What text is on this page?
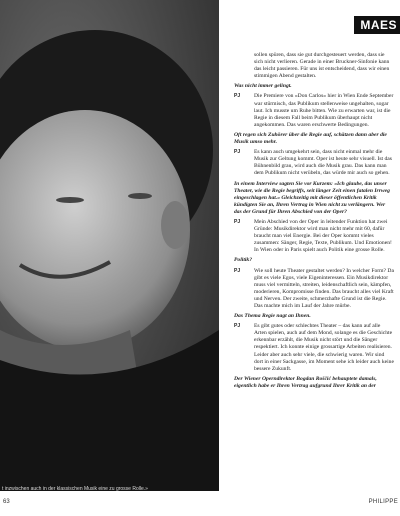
t inzwischen auch in der klassischen Musik eine zu grosse Rolle.»
63	PHILIPPE
MAES

sollen spüren, dass sie gut durchgesteuert werden, dass sie sich nicht verlieren. Gerade in einer Bruckner-Sinfonie kann das leicht passieren. Für uns ist entscheidend, dass wir einen stimmigen Abend gestalten.

Was nicht immer gelingt.

PJ Die Premiere von «Don Carlos» hier in Wien Ende September war stürmisch, das Publikum stellenweise ungehalten, sogar laut. Ich musste um Ruhe bitten. Wie zu erwarten war, ist die Regie in diesem Fall beim Publikum überhaupt nicht angekommen. Das waren erschwerte Bedingungen.

Oft regen sich Zuhörer über die Regie auf, schätzen dann aber die Musik umso mehr.

PJ Es kann auch umgekehrt sein, dass nicht einmal mehr die Musik zur Geltung kommt. Oper ist heute sehr visuell. Ist das Bühnenbild grau, wird auch die Musik grau. Das kann man dem Publikum nicht verübeln, das würde mir auch so gehen.

In einem Interview sagten Sie vor Kurzem: «Ich glaube, das unser Theater, wie die Regie begriffs, seit länger Zeit einen fatalen Irrweg eingeschlagen hat.» Gleichzeitig mit dieser öffentlichen Kritik kündigten Sie an, Ihren Vertrag in Wien nicht zu verlängern. Wer das der Grund für Ihren Abschied von der Oper?

PJ Mein Abschied von der Oper in leitender Funktion hat zwei Gründe: Musikdirektor wird man nicht mehr mit 60, dafür braucht man viel Energie. Bei der Oper kommt vieles zusammen: Sänger, Regie, Texte, Publikum. Und Emotionen! In Wien oder in Paris spielt auch Politik eine grosse Rolle.

Politik?

PJ Wie soll heute Theater gestaltet werden? In welcher Form? Da gibt es viele Egos, viele Eigeninteressen. Ein Musikdirektor muss viel vermitteln, streiten, leidenschaftlich sein, kämpfen, moderieren, Kompromisse finden. Das braucht alles viel Kraft und Nerven. Der zweite, schmerzhafte Grund ist die Regie. Das machte mich im Lauf der Jahre mürbe.

Das Thema Regie nagt an Ihnen.

PJ Es gibt gutes oder schlechtes Theater – das kann auf alle Arten spielen, auch auf dem Mond, solange es die Geschichte erkennbar erzählt, die Musik nicht stört und die Sänger respektiert. Ich konnte einige grossartige Arbeiten realisieren. Leider aber auch sehr viele, die schwierig waren. Wir sind dort in einer Sackgasse, im Moment sehe ich leider auch keine bessere Zukunft.

Der Wiener Operndirektor Bogdan Roščić behauptete damals, eigentlich habe er Ihren Vertrag aufgrund Ihrer Kritik an der
